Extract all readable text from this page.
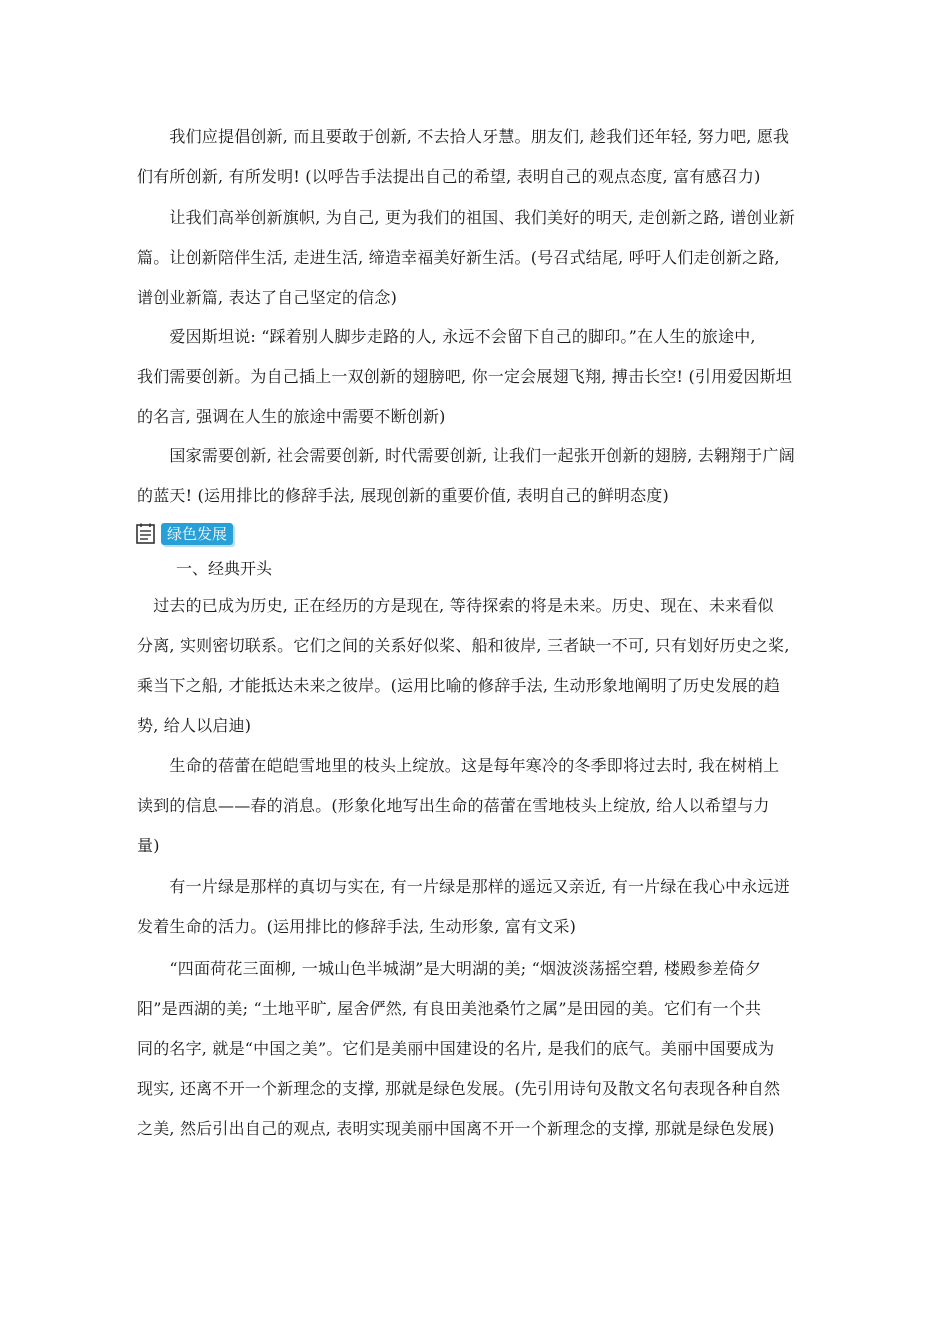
　　我们应提倡创新, 而且要敢于创新, 不去拾人牙慧。朋友们, 趁我们还年轻, 努力吧, 愿我
们有所创新, 有所发明! (以呼告手法提出自己的希望, 表明自己的观点态度, 富有感召力)
　　让我们高举创新旗帜, 为自己, 更为我们的祖国、我们美好的明天, 走创新之路, 谱创业新
篇。让创新陪伴生活, 走进生活, 缔造幸福美好新生活。(号召式结尾, 呼吁人们走创新之路,
谱创业新篇, 表达了自己坚定的信念)
　　爱因斯坦说: “踩着别人脚步走路的人, 永远不会留下自己的脚印。”在人生的旅途中,
我们需要创新。为自己插上一双创新的翅膀吧, 你一定会展翅飞翔, 搏击长空! (引用爱因斯坦
的名言, 强调在人生的旅途中需要不断创新)
　　国家需要创新, 社会需要创新, 时代需要创新, 让我们一起张开创新的翅膀, 去翱翔于广阔
的蓝天! (运用排比的修辞手法, 展现创新的重要价值, 表明自己的鲜明态度)
绿色发展
一、经典开头
　过去的已成为历史, 正在经历的方是现在, 等待探索的将是未来。历史、现在、未来看似
分离, 实则密切联系。它们之间的关系好似桨、船和彼岸, 三者缺一不可, 只有划好历史之桨,
乘当下之船, 才能抵达未来之彼岸。(运用比喻的修辞手法, 生动形象地阐明了历史发展的趋
势, 给人以启迪)
　　生命的蓓蕾在皑皑雪地里的枝头上绽放。这是每年寒冷的冬季即将过去时, 我在树梢上
读到的信息——春的消息。(形象化地写出生命的蓓蕾在雪地枝头上绽放, 给人以希望与力
量)
　　有一片绿是那样的真切与实在, 有一片绿是那样的遥远又亲近, 有一片绿在我心中永远迸
发着生命的活力。(运用排比的修辞手法, 生动形象, 富有文采)
　　“四面荷花三面柳, 一城山色半城湖”是大明湖的美; “烟波淡荡摇空碧, 楼殿参差倚夕
阳”是西湖的美; “土地平旷, 屋舍俨然, 有良田美池桑竹之属”是田园的美。它们有一个共
同的名字, 就是“中国之美”。它们是美丽中国建设的名片, 是我们的底气。美丽中国要成为
现实, 还离不开一个新理念的支撑, 那就是绿色发展。(先引用诗句及散文名句表现各种自然
之美, 然后引出自己的观点, 表明实现美丽中国离不开一个新理念的支撑, 那就是绿色发展)
